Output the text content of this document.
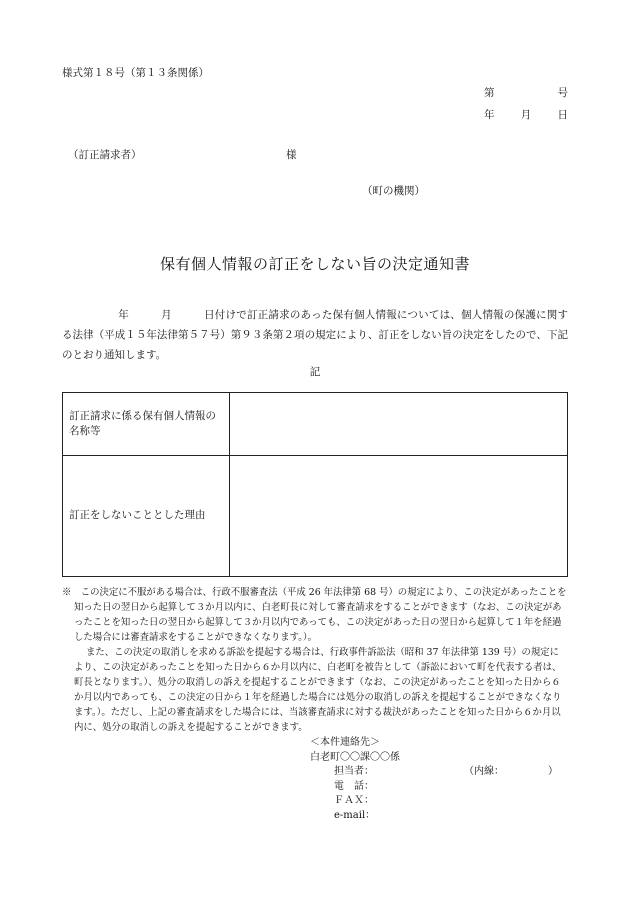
様式第１８号（第１３条関係）
第	号
年	月	日
（訂正請求者）	様
（町の機関）
保有個人情報の訂正をしない旨の決定通知書

年	月	日付けで訂正請求のあった保有個人情報については、個人情報の保護に関する法律（平成１５年法律第５７号）第９３条第２項の規定により、訂正をしない旨の決定をしたので、下記のとおり通知します。

記
訂正請求に係る保有個人情報の名称等	
訂正をしないこととした理由	

※　この決定に不服がある場合は、行政不服審査法（平成 26 年法律第 68 号）の規定により、この決定があったことを知った日の翌日から起算して３か月以内に、白老町長に対して審査請求をすることができます（なお、この決定があったことを知った日の翌日から起算して３か月以内であっても、この決定があった日の翌日から起算して１年を経過した場合には審査請求をすることができなくなります。）。

また、この決定の取消しを求める訴訟を提起する場合は、行政事件訴訟法（昭和 37 年法律第 139 号）の規定により、この決定があったことを知った日から６か月以内に、白老町を被告として（訴訟において町を代表する者は、町長となります。）、処分の取消しの訴えを提起することができます（なお、この決定があったことを知った日から６か月以内であっても、この決定の日から１年を経過した場合には処分の取消しの訴えを提起することができなくなります。）。ただし、上記の審査請求をした場合には、当該審査請求に対する裁決があったことを知った日から６か月以内に、処分の取消しの訴えを提起することができます。

＜本件連絡先＞
白老町〇〇課〇〇係
担当者：	（内線：	）
電　話：
ＦＡＸ：
e-mail：
